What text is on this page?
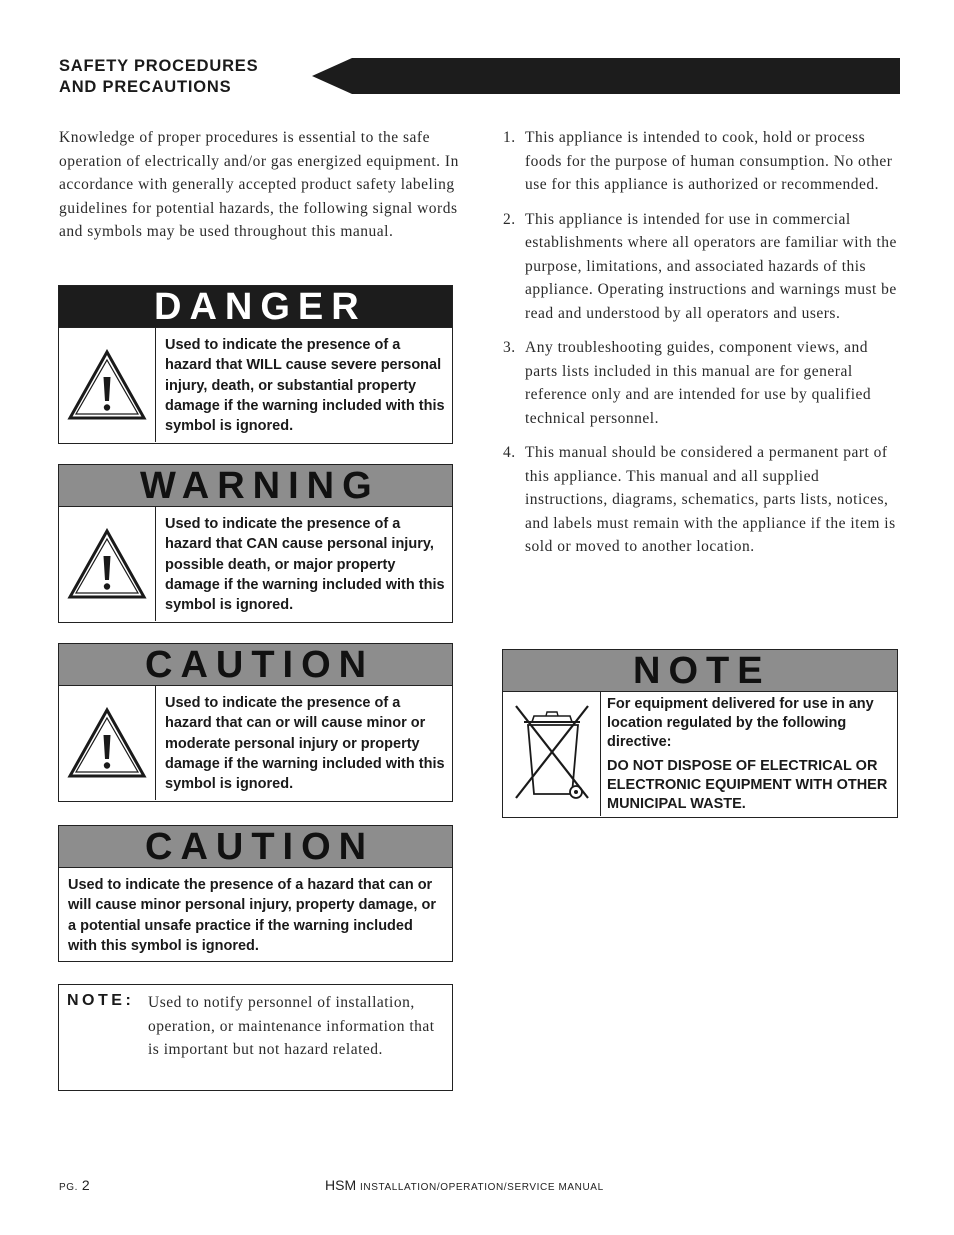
SAFETY PROCEDURES
AND PRECAUTIONS
Knowledge of proper procedures is essential to the safe operation of electrically and/or gas energized equipment. In accordance with generally accepted product safety labeling guidelines for potential hazards, the following signal words and symbols may be used throughout this manual.
DANGER
Used to indicate the presence of a hazard that WILL cause severe personal injury, death, or substantial property damage if the warning included with this symbol is ignored.
WARNING
Used to indicate the presence of a hazard that CAN cause personal injury, possible death, or major property damage if the warning included with this symbol is ignored.
CAUTION
Used to indicate the presence of a hazard that can or will cause minor or moderate personal injury or property damage if the warning included with this symbol is ignored.
CAUTION
Used to indicate the presence of a hazard that can or will cause minor personal injury, property damage, or a potential unsafe practice if the warning included with this symbol is ignored.
NOTE: Used to notify personnel of installation, operation, or maintenance information that is important but not hazard related.
1. This appliance is intended to cook, hold or process foods for the purpose of human consumption. No other use for this appliance is authorized or recommended.
2. This appliance is intended for use in commercial establishments where all operators are familiar with the purpose, limitations, and associated hazards of this appliance. Operating instructions and warnings must be read and understood by all operators and users.
3. Any troubleshooting guides, component views, and parts lists included in this manual are for general reference only and are intended for use by qualified technical personnel.
4. This manual should be considered a permanent part of this appliance. This manual and all supplied instructions, diagrams, schematics, parts lists, notices, and labels must remain with the appliance if the item is sold or moved to another location.
NOTE
For equipment delivered for use in any location regulated by the following directive:
DO NOT DISPOSE OF ELECTRICAL OR ELECTRONIC EQUIPMENT WITH OTHER MUNICIPAL WASTE.
PG. 2	HSM INSTALLATION/OPERATION/SERVICE MANUAL
